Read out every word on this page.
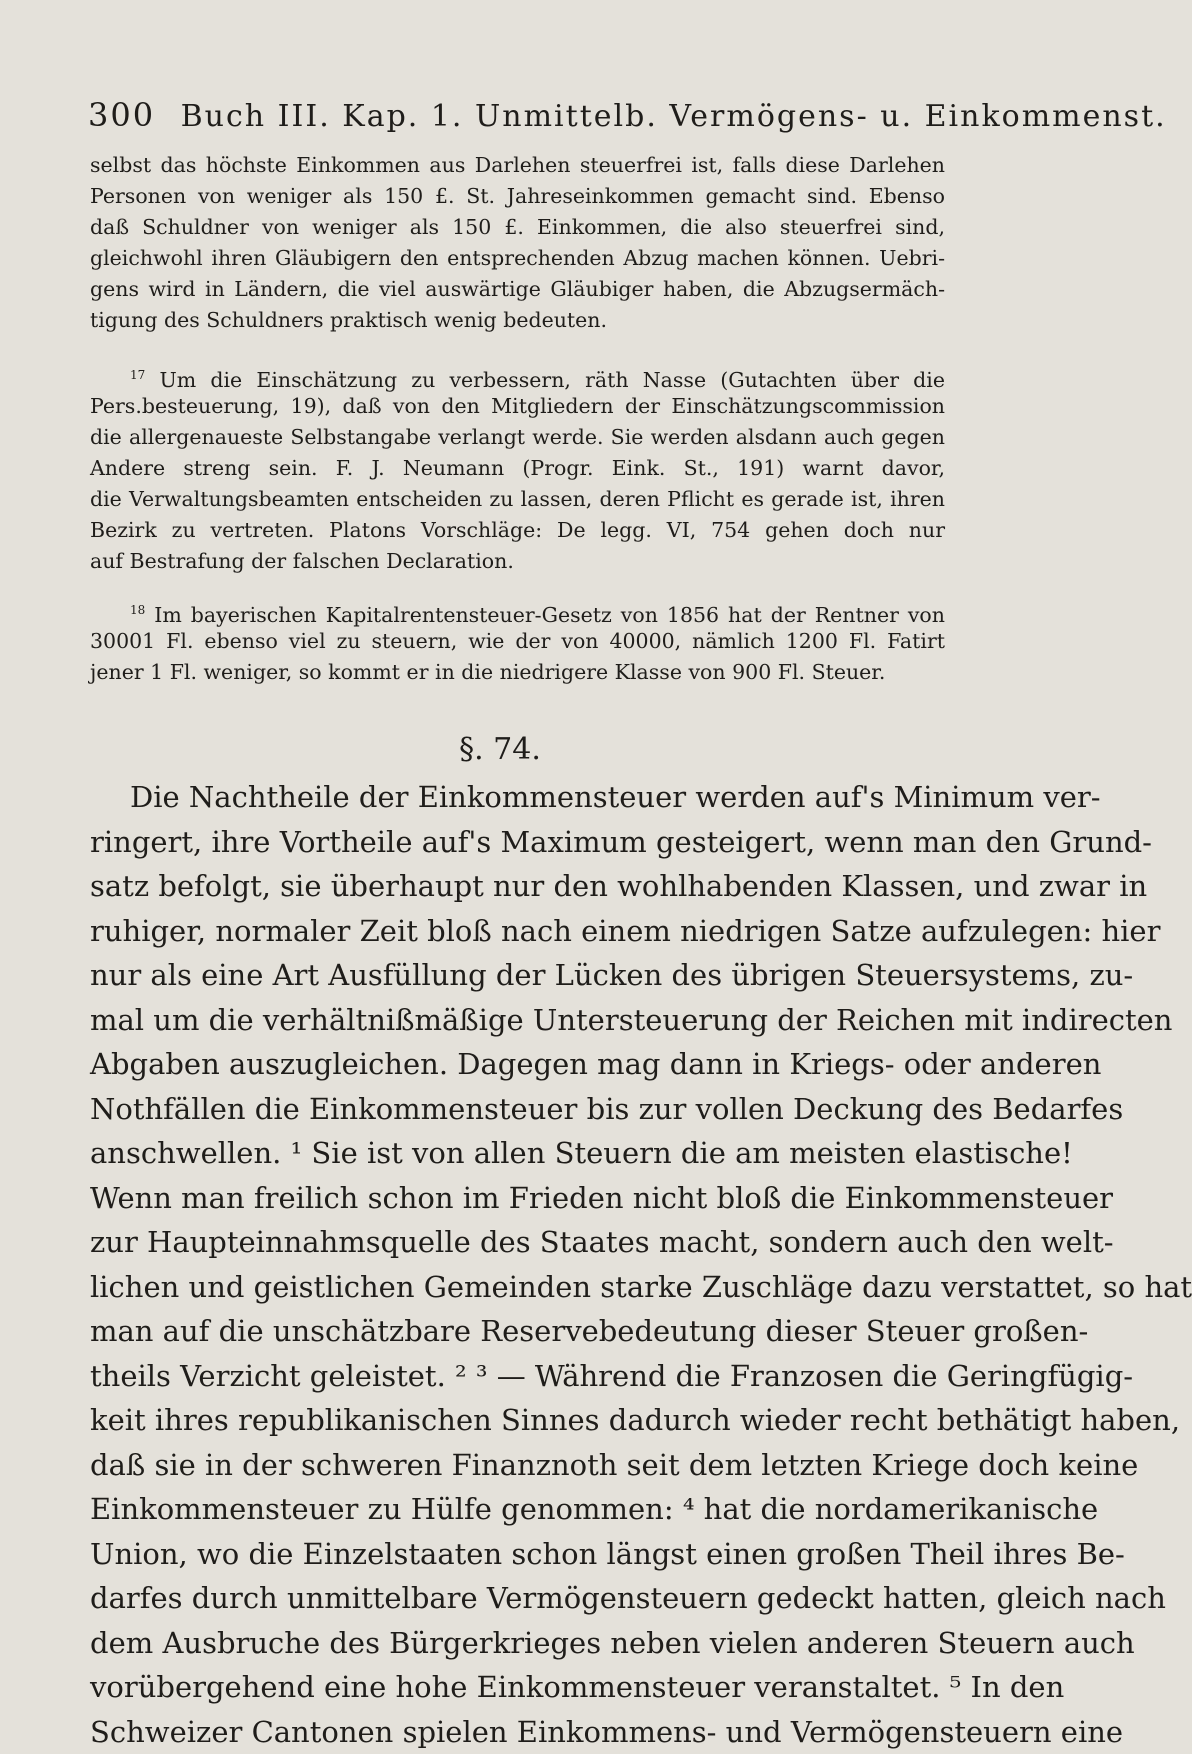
300 Buch III. Kap. 1. Unmittelb. Vermögens- u. Einkommenst.
selbst das höchste Einkommen aus Darlehen steuerfrei ist, falls diese Darlehen
Personen von weniger als 150 £. St. Jahreseinkommen gemacht sind. Ebenso
daß Schuldner von weniger als 150 £. Einkommen, die also steuerfrei sind,
gleichwohl ihren Gläubigern den entsprechenden Abzug machen können. Uebri-
gens wird in Ländern, die viel auswärtige Gläubiger haben, die Abzugsermäch-
tigung des Schuldners praktisch wenig bedeuten.
$^{17}$ Um die Einschätzung zu verbessern, räth Nasse (Gutachten über die
Pers.besteuerung, 19), daß von den Mitgliedern der Einschätzungscommission
die allergenaueste Selbstangabe verlangt werde. Sie werden alsdann auch gegen
Andere streng sein. F. J. Neumann (Progr. Eink. St., 191) warnt davor,
die Verwaltungsbeamten entscheiden zu lassen, deren Pflicht es gerade ist, ihren
Bezirk zu vertreten. Platons Vorschläge: De legg. VI, 754 gehen doch nur
auf Bestrafung der falschen Declaration.
$^{18}$ Im bayerischen Kapitalrentensteuer-Gesetz von 1856 hat der Rentner von
30001 Fl. ebenso viel zu steuern, wie der von 40000, nämlich 1200 Fl. Fatirt
jener 1 Fl. weniger, so kommt er in die niedrigere Klasse von 900 Fl. Steuer.
§. 74.
Die Nachtheile der Einkommensteuer werden auf's Minimum ver-
ringert, ihre Vortheile auf's Maximum gesteigert, wenn man den Grund-
satz befolgt, sie überhaupt nur den wohlhabenden Klassen, und zwar in
ruhiger, normaler Zeit bloß nach einem niedrigen Satze aufzulegen: hier
nur als eine Art Ausfüllung der Lücken des übrigen Steuersystems, zu-
mal um die verhältnißmäßige Untersteuerung der Reichen mit indirecten
Abgaben auszugleichen. Dagegen mag dann in Kriegs- oder anderen
Nothfällen die Einkommensteuer bis zur vollen Deckung des Bedarfes
anschwellen. ¹ Sie ist von allen Steuern die am meisten elastische!
Wenn man freilich schon im Frieden nicht bloß die Einkommensteuer
zur Haupteinnahmsquelle des Staates macht, sondern auch den welt-
lichen und geistlichen Gemeinden starke Zuschläge dazu verstattet, so hat
man auf die unschätzbare Reservebedeutung dieser Steuer großen-
theils Verzicht geleistet. ² ³ — Während die Franzosen die Geringfügig-
keit ihres republikanischen Sinnes dadurch wieder recht bethätigt haben,
daß sie in der schweren Finanznoth seit dem letzten Kriege doch keine
Einkommensteuer zu Hülfe genommen: ⁴ hat die nordamerikanische
Union, wo die Einzelstaaten schon längst einen großen Theil ihres Be-
darfes durch unmittelbare Vermögensteuern gedeckt hatten, gleich nach
dem Ausbruche des Bürgerkrieges neben vielen anderen Steuern auch
vorübergehend eine hohe Einkommensteuer veranstaltet. ⁵ In den
Schweizer Cantonen spielen Einkommens- und Vermögensteuern eine
